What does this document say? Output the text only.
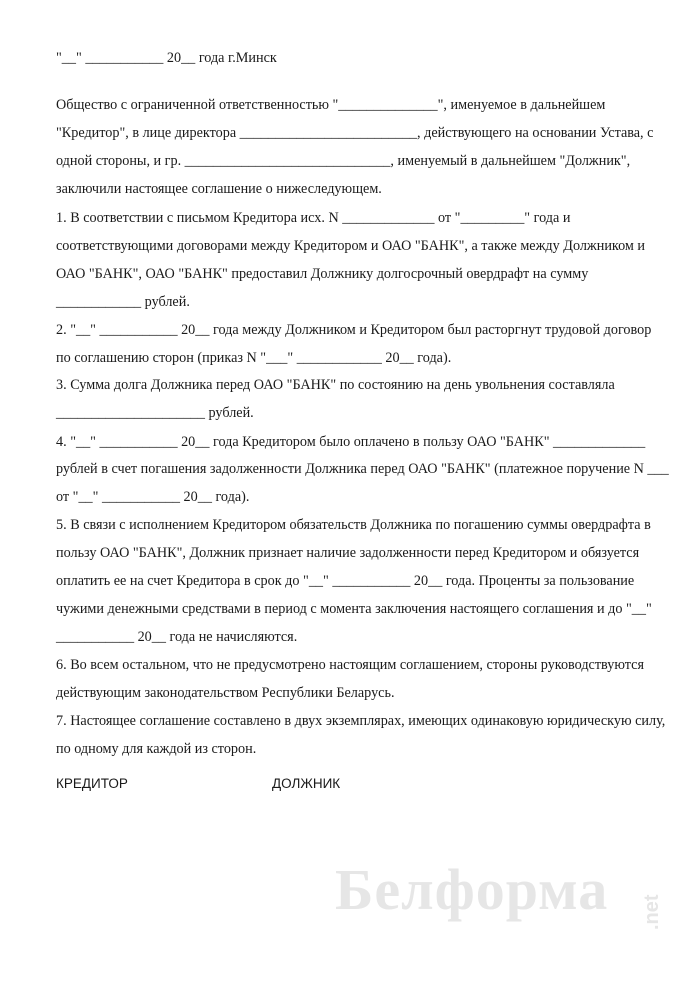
"__" ___________ 20__ года г.Минск

Общество с ограниченной ответственностью "______________", именуемое в дальнейшем

"Кредитор", в лице директора _________________________, действующего на основании Устава, с

одной стороны, и гр. _____________________________, именуемый в дальнейшем "Должник",

заключили настоящее соглашение о нижеследующем.

1. В соответствии с письмом Кредитора исх. N _____________ от "_________" года и

соответствующими договорами между Кредитором и ОАО "БАНК", а также между Должником и

ОАО "БАНК", ОАО "БАНК" предоставил Должнику долгосрочный овердрафт на сумму

____________ рублей.

2. "__" ___________ 20__ года между Должником и Кредитором был расторгнут трудовой договор

по соглашению сторон (приказ N "___" ____________ 20__ года).

3. Сумма долга Должника перед ОАО "БАНК" по состоянию на день увольнения составляла

_____________________ рублей.

4. "__" ___________ 20__ года Кредитором было оплачено в пользу ОАО "БАНК" _____________

рублей в счет погашения задолженности Должника перед ОАО "БАНК" (платежное поручение N ___

от "__" ___________ 20__ года).

5. В связи с исполнением Кредитором обязательств Должника по погашению суммы овердрафта в

пользу ОАО "БАНК", Должник признает наличие задолженности перед Кредитором и обязуется

оплатить ее на счет Кредитора в срок до "__" ___________ 20__ года. Проценты за пользование

чужими денежными средствами в период с момента заключения настоящего соглашения и до "__"

___________ 20__ года не начисляются.

6. Во всем остальном, что не предусмотрено настоящим соглашением, стороны руководствуются

действующим законодательством Республики Беларусь.

7. Настоящее соглашение составлено в двух экземплярах, имеющих одинаковую юридическую силу,

по одному для каждой из сторон.

КРЕДИТОР	ДОЛЖНИК

Белформа .net
